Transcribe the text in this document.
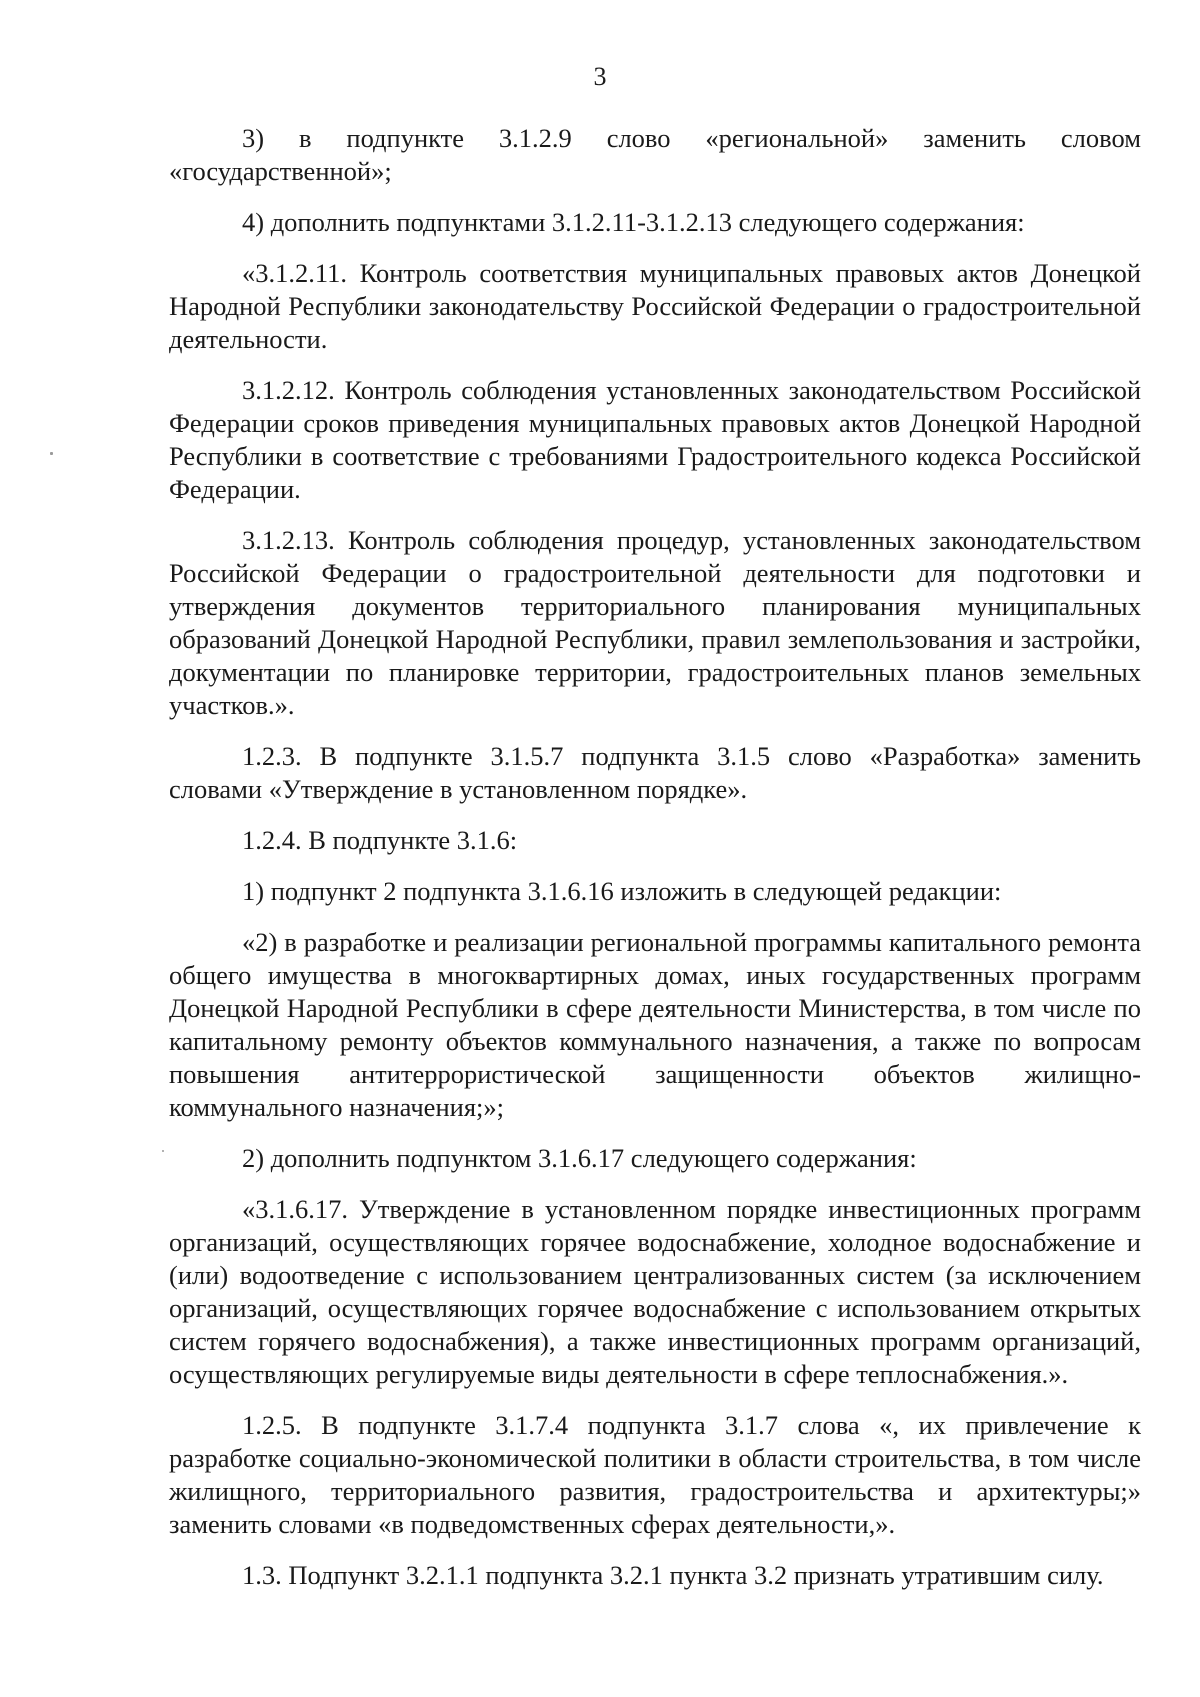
3

3) в подпункте 3.1.2.9 слово «региональной» заменить словом «государственной»;

4) дополнить подпунктами 3.1.2.11-3.1.2.13 следующего содержания:

«3.1.2.11. Контроль соответствия муниципальных правовых актов Донецкой Народной Республики законодательству Российской Федерации о градостроительной деятельности.

3.1.2.12. Контроль соблюдения установленных законодательством Российской Федерации сроков приведения муниципальных правовых актов Донецкой Народной Республики в соответствие с требованиями Градостроительного кодекса Российской Федерации.

3.1.2.13. Контроль соблюдения процедур, установленных законодательством Российской Федерации о градостроительной деятельности для подготовки и утверждения документов территориального планирования муниципальных образований Донецкой Народной Республики, правил землепользования и застройки, документации по планировке территории, градостроительных планов земельных участков.».

1.2.3. В подпункте 3.1.5.7 подпункта 3.1.5 слово «Разработка» заменить словами «Утверждение в установленном порядке».

1.2.4. В подпункте 3.1.6:

1) подпункт 2 подпункта 3.1.6.16 изложить в следующей редакции:

«2) в разработке и реализации региональной программы капитального ремонта общего имущества в многоквартирных домах, иных государственных программ Донецкой Народной Республики в сфере деятельности Министерства, в том числе по капитальному ремонту объектов коммунального назначения, а также по вопросам повышения антитеррористической защищенности объектов жилищно-коммунального назначения;»;

2) дополнить подпунктом 3.1.6.17 следующего содержания:

«3.1.6.17. Утверждение в установленном порядке инвестиционных программ организаций, осуществляющих горячее водоснабжение, холодное водоснабжение и (или) водоотведение с использованием централизованных систем (за исключением организаций, осуществляющих горячее водоснабжение с использованием открытых систем горячего водоснабжения), а также инвестиционных программ организаций, осуществляющих регулируемые виды деятельности в сфере теплоснабжения.».

1.2.5. В подпункте 3.1.7.4 подпункта 3.1.7 слова «, их привлечение к разработке социально-экономической политики в области строительства, в том числе жилищного, территориального развития, градостроительства и архитектуры;» заменить словами «в подведомственных сферах деятельности,».

1.3. Подпункт 3.2.1.1 подпункта 3.2.1 пункта 3.2 признать утратившим силу.
